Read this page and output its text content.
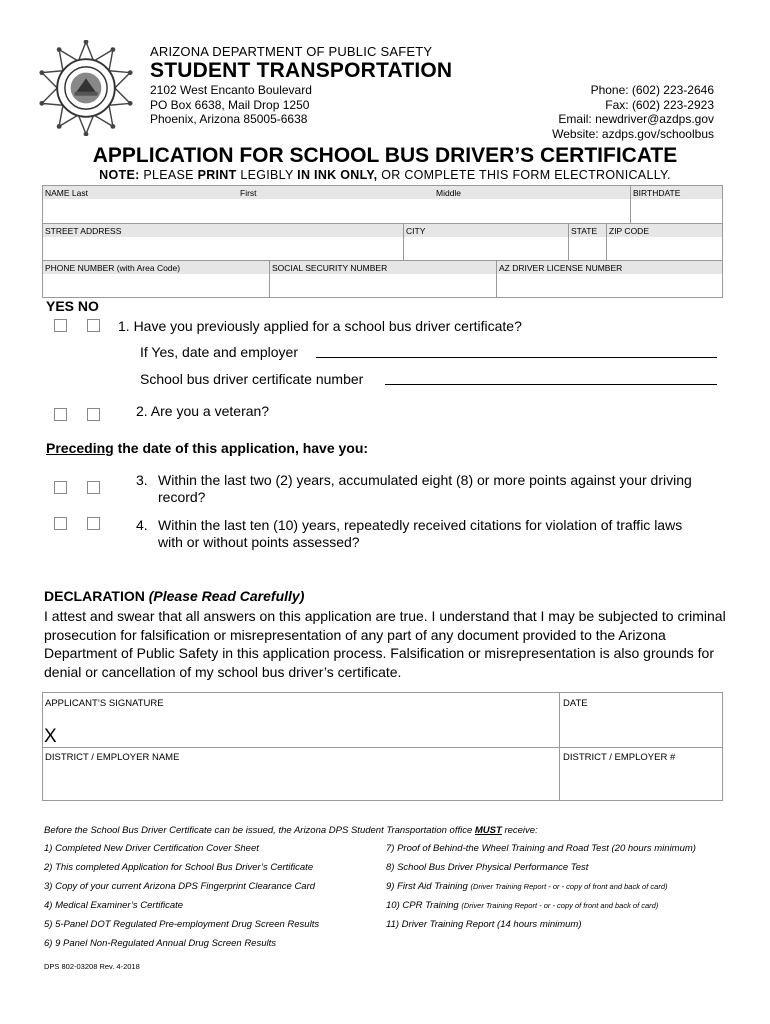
ARIZONA DEPARTMENT OF PUBLIC SAFETY
STUDENT TRANSPORTATION
2102 West Encanto Boulevard
PO Box 6638, Mail Drop 1250
Phoenix, Arizona 85005-6638
Phone: (602) 223-2646
Fax: (602) 223-2923
Email: newdriver@azdps.gov
Website: azdps.gov/schoolbus
APPLICATION FOR SCHOOL BUS DRIVER’S CERTIFICATE
NOTE: PLEASE PRINT LEGIBLY IN INK ONLY, OR COMPLETE THIS FORM ELECTRONICALLY.
NAME Last	First	Middle	BIRTHDATE
STREET ADDRESS	CITY	STATE ZIP CODE
PHONE NUMBER (with Area Code)	SOCIAL SECURITY NUMBER	AZ DRIVER LICENSE NUMBER
YES NO
1. Have you previously applied for a school bus driver certificate?
If Yes, date and employer
School bus driver certificate number
2. Are you a veteran?
Preceding the date of this application, have you:
3. Within the last two (2) years, accumulated eight (8) or more points against your driving record?
4. Within the last ten (10) years, repeatedly received citations for violation of traffic laws with or without points assessed?
DECLARATION (Please Read Carefully)
I attest and swear that all answers on this application are true. I understand that I may be subjected to criminal prosecution for falsification or misrepresentation of any part of any document provided to the Arizona Department of Public Safety in this application process. Falsification or misrepresentation is also grounds for denial or cancellation of my school bus driver’s certificate.
APPLICANT’S SIGNATURE	DATE
DISTRICT / EMPLOYER NAME	DISTRICT / EMPLOYER #
X
Before the School Bus Driver Certificate can be issued, the Arizona DPS Student Transportation office MUST receive:
1) Completed New Driver Certification Cover Sheet
2) This completed Application for School Bus Driver’s Certificate
3) Copy of your current Arizona DPS Fingerprint Clearance Card
4) Medical Examiner’s Certificate
5) 5-Panel DOT Regulated Pre-employment Drug Screen Results
6) 9 Panel Non-Regulated Annual Drug Screen Results
7) Proof of Behind-the Wheel Training and Road Test (20 hours minimum)
8) School Bus Driver Physical Performance Test
9) First Aid Training (Driver Training Report - or - copy of front and back of card)
10) CPR Training (Driver Training Report - or - copy of front and back of card)
11) Driver Training Report (14 hours minimum)
DPS 802-03208 Rev. 4-2018
